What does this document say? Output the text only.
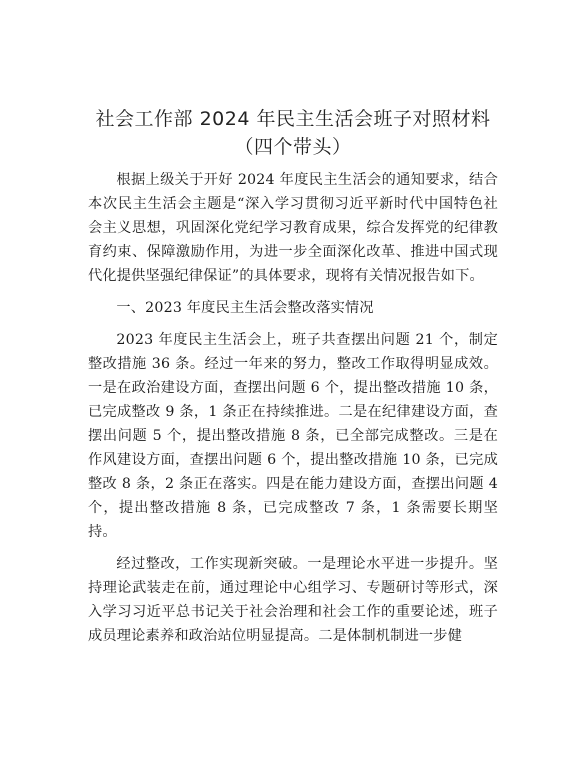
社会工作部 2024 年民主生活会班子对照材料
（四个带头）

根据上级关于开好 2024 年度民主生活会的通知要求，结合本次民主生活会主题是“深入学习贯彻习近平新时代中国特色社会主义思想，巩固深化党纪学习教育成果，综合发挥党的纪律教育约束、保障激励作用，为进一步全面深化改革、推进中国式现代化提供坚强纪律保证”的具体要求，现将有关情况报告如下。

一、2023 年度民主生活会整改落实情况

2023 年度民主生活会上，班子共查摆出问题 21 个，制定整改措施 36 条。经过一年来的努力，整改工作取得明显成效。一是在政治建设方面，查摆出问题 6 个，提出整改措施 10 条，已完成整改 9 条，1 条正在持续推进。二是在纪律建设方面，查摆出问题 5 个，提出整改措施 8 条，已全部完成整改。三是在作风建设方面，查摆出问题 6 个，提出整改措施 10 条，已完成整改 8 条，2 条正在落实。四是在能力建设方面，查摆出问题 4 个，提出整改措施 8 条，已完成整改 7 条，1 条需要长期坚持。

经过整改，工作实现新突破。一是理论水平进一步提升。坚持理论武装走在前，通过理论中心组学习、专题研讨等形式，深入学习习近平总书记关于社会治理和社会工作的重要论述，班子成员理论素养和政治站位明显提高。二是体制机制进一步健
